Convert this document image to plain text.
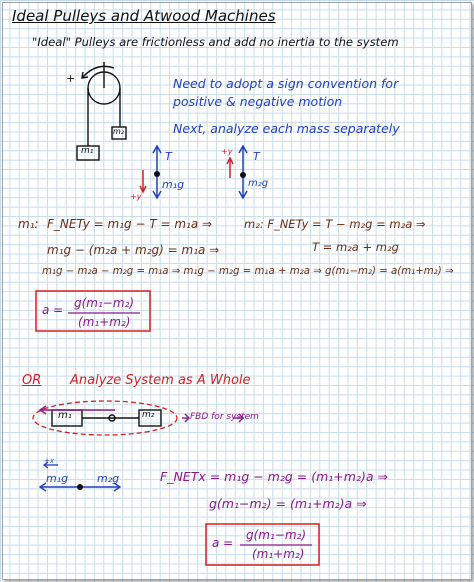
Ideal Pulleys and Atwood Machines
"Ideal" Pulleys are frictionless and add no inertia to the system
Need to adopt a sign convention for
positive & negative motion
Next, analyze each mass separately
+
m₁
m₂
T
m₁g
+y
T
m₂g
+y
m₁: F_NETy = m₁g − T = m₁a ⇒
m₁g − (m₂a + m₂g) = m₁a ⇒
m₁g − m₂a − m₂g = m₁a ⇒ m₁g − m₂g = m₁a + m₂a ⇒ g(m₁−m₂) = a(m₁+m₂) ⇒
m₂: F_NETy = T − m₂g = m₂a ⇒
T = m₂a + m₂g
a = g(m₁−m₂)
(m₁+m₂)
OR Analyze System as A Whole
m₁	m₂	FBD for system
+x
m₁g	m₂g	F_NETx = m₁g − m₂g = (m₁+m₂)a ⇒
g(m₁−m₂) = (m₁+m₂)a ⇒
a =
g(m₁−m₂)
(m₁+m₂)
